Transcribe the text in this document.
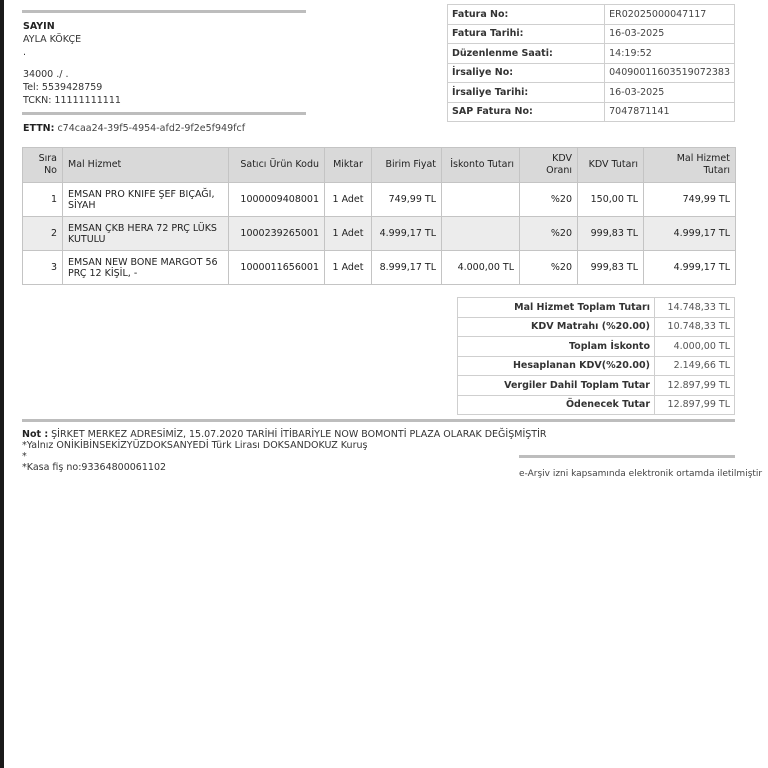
SAYIN
AYLA KÖKÇE
.
34000 ./ .
Tel: 5539428759
TCKN: 11111111111
ETTN: c74caa24-39f5-4954-afd2-9f2e5f949fcf
Fatura No:	ER02025000047117
Fatura Tarihi:	16-03-2025
Düzenlenme Saati:	14:19:52
İrsaliye No:	04090011603519072383
İrsaliye Tarihi:	16-03-2025
SAP Fatura No:	7047871141
Sıra No	Mal Hizmet	Satıcı Ürün Kodu	Miktar	Birim Fiyat	İskonto Tutarı	KDV Oranı	KDV Tutarı	Mal Hizmet Tutarı
1	EMSAN PRO KNIFE ŞEF BIÇAĞI, SİYAH	1000009408001	1 Adet	749,99 TL		%20	150,00 TL	749,99 TL
2	EMSAN ÇKB HERA 72 PRÇ LÜKS KUTULU	1000239265001	1 Adet	4.999,17 TL		%20	999,83 TL	4.999,17 TL
3	EMSAN NEW BONE MARGOT 56 PRÇ 12 KİŞİL, -	1000011656001	1 Adet	8.999,17 TL	4.000,00 TL	%20	999,83 TL	4.999,17 TL
Mal Hizmet Toplam Tutarı	14.748,33 TL
KDV Matrahı (%20.00)	10.748,33 TL
Toplam İskonto	4.000,00 TL
Hesaplanan KDV(%20.00)	2.149,66 TL
Vergiler Dahil Toplam Tutar	12.897,99 TL
Ödenecek Tutar	12.897,99 TL
Not : ŞİRKET MERKEZ ADRESİMİZ, 15.07.2020 TARİHİ İTİBARİYLE NOW BOMONTİ PLAZA OLARAK DEĞİŞMİŞTİR
*Yalnız ONİKİBİNSEKİZYÜZDOKSANYEDİ Türk Lirası DOKSANDOKUZ Kuruş
*
*Kasa fiş no:93364800061102
e-Arşiv izni kapsamında elektronik ortamda iletilmiştir
